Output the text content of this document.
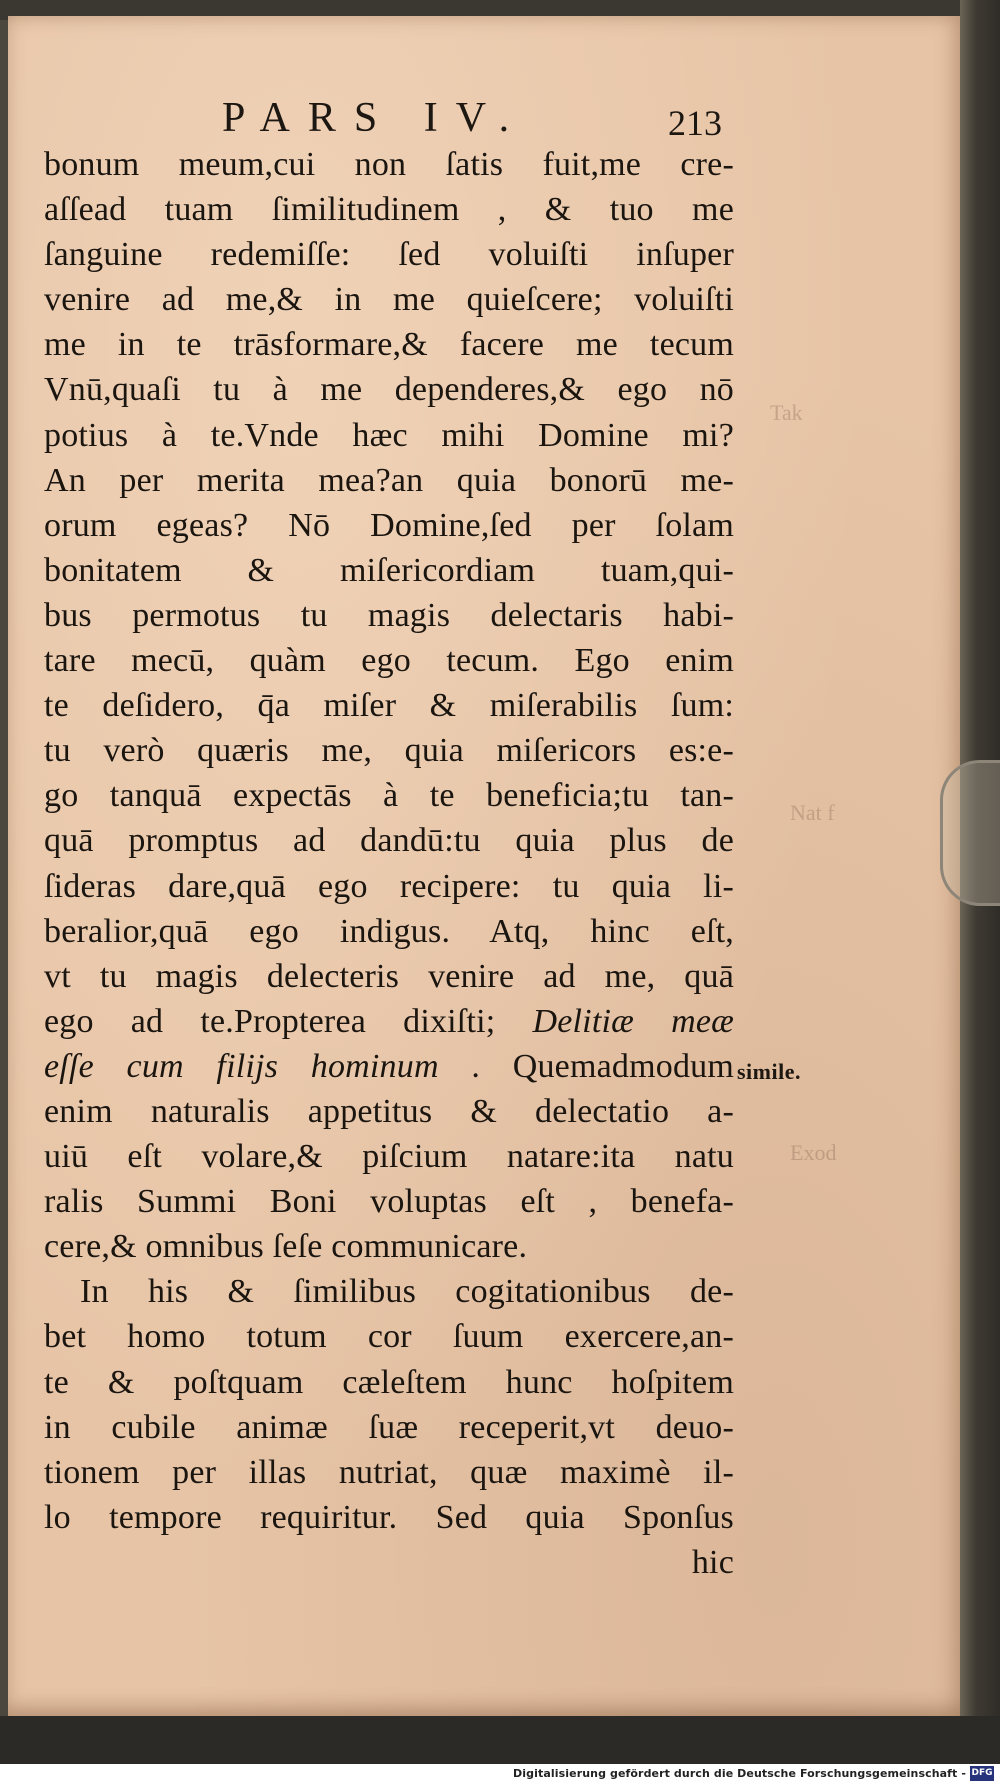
Tak
Nat f
Exod
PARS IV.	213
bonum meum,cui non ſatis fuit,me cre-
aſſead tuam ſimilitudinem , & tuo me
ſanguine redemiſſe: ſed voluiſti inſuper
venire ad me,& in me quieſcere; voluiſti
me in te trāsformare,& facere me tecum
Vnū,quaſi tu à me dependeres,& ego nō
potius à te.Vnde hæc mihi Domine mi?
An per merita mea?an quia bonorū me-
orum egeas? Nō Domine,ſed per ſolam
bonitatem & miſericordiam tuam,qui-
bus permotus tu magis delectaris habi-
tare mecū, quàm ego tecum. Ego enim
te deſidero, q̄a miſer & miſerabilis ſum:
tu verò quæris me, quia miſericors es:e-
go tanquā expectās à te beneficia;tu tan-
quā promptus ad dandū:tu quia plus de
ſideras dare,quā ego recipere: tu quia li-
beralior,quā ego indigus. Atq, hinc eſt,
vt tu magis delecteris venire ad me, quā
ego ad te.Propterea dixiſti; Delitiæ meæ
eſſe cum filijs hominum . Quemadmodum
enim naturalis appetitus & delectatio a-
uiū eſt volare,& piſcium natare:ita natu
ralis Summi Boni voluptas eſt , benefa-
cere,& omnibus ſeſe communicare.
In his & ſimilibus cogitationibus de-
bet homo totum cor ſuum exercere,an-
te & poſtquam cæleſtem hunc hoſpitem
in cubile animæ ſuæ receperit,vt deuo-
tionem per illas nutriat, quæ maximè il-
lo tempore requiritur. Sed quia Sponſus
hic
simile.
Digitalisierung gefördert durch die Deutsche Forschungsgemeinschaft - DFG
